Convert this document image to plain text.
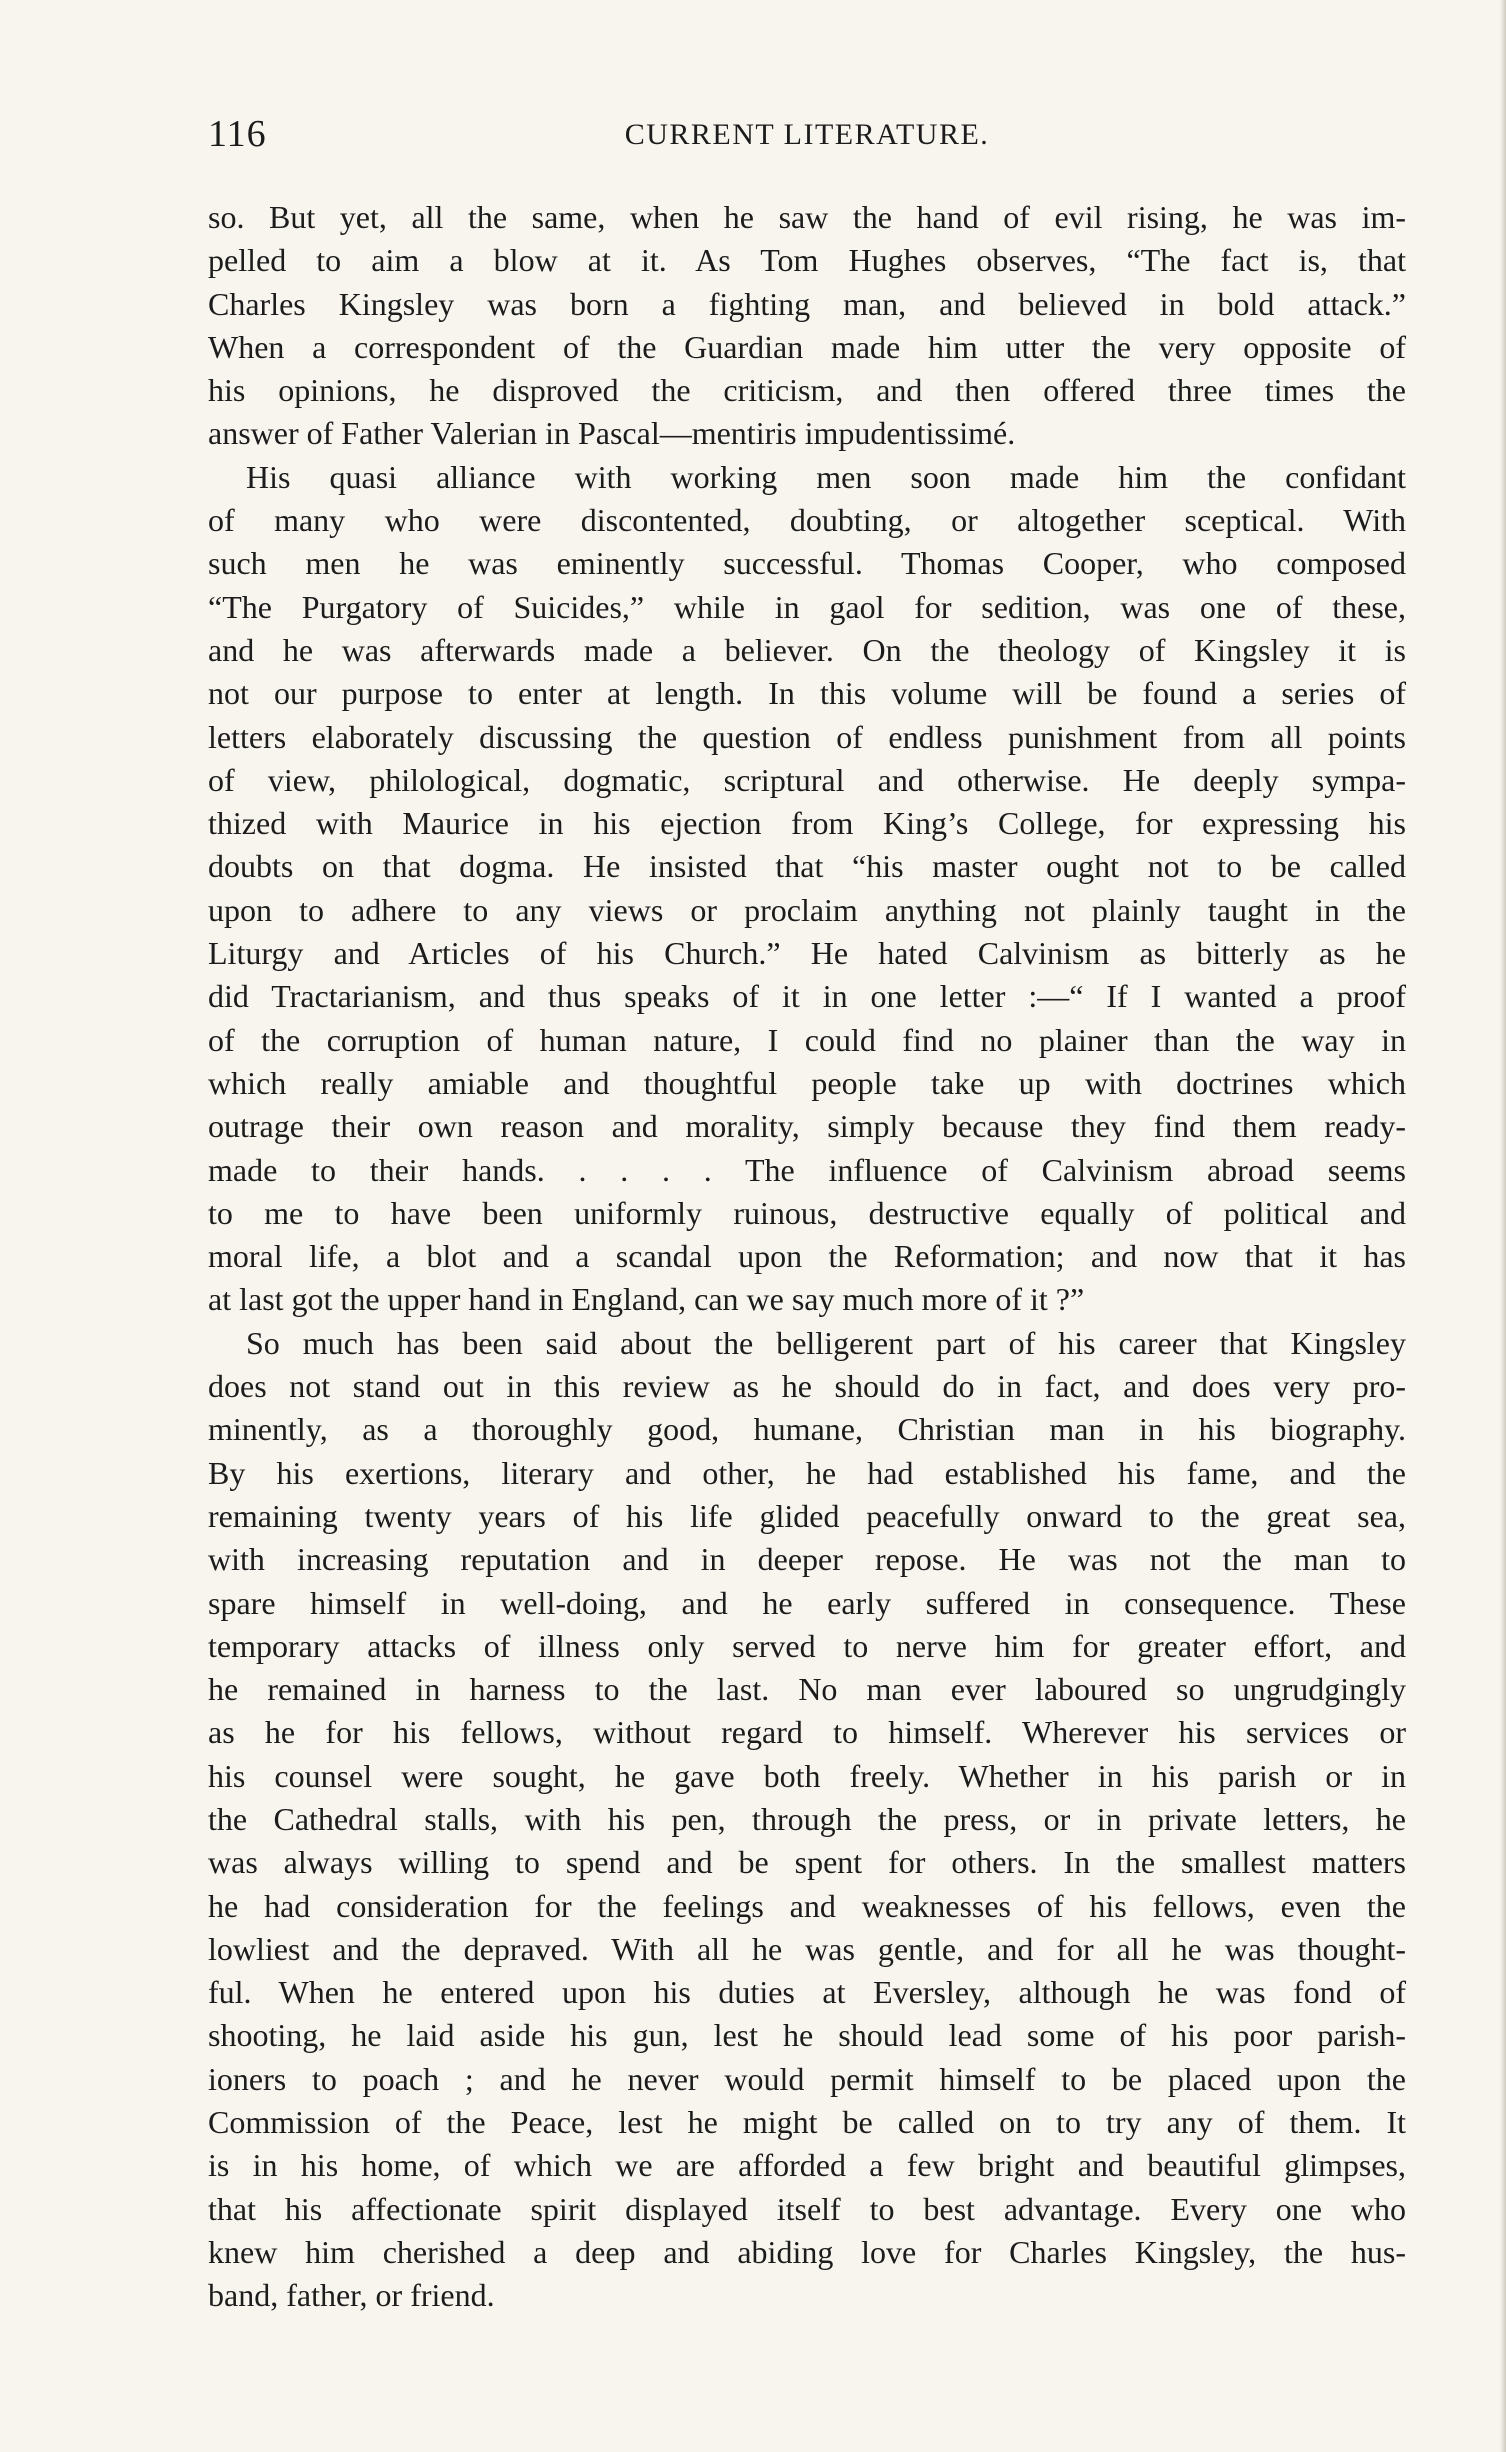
116	CURRENT LITERATURE.
so. But yet, all the same, when he saw the hand of evil rising, he was im-
pelled to aim a blow at it. As Tom Hughes observes, “The fact is, that
Charles Kingsley was born a fighting man, and believed in bold attack.”
When a correspondent of the Guardian made him utter the very opposite of
his opinions, he disproved the criticism, and then offered three times the
answer of Father Valerian in Pascal—mentiris impudentissimé.
His quasi alliance with working men soon made him the confidant
of many who were discontented, doubting, or altogether sceptical. With
such men he was eminently successful. Thomas Cooper, who composed
“The Purgatory of Suicides,” while in gaol for sedition, was one of these,
and he was afterwards made a believer. On the theology of Kingsley it is
not our purpose to enter at length. In this volume will be found a series of
letters elaborately discussing the question of endless punishment from all points
of view, philological, dogmatic, scriptural and otherwise. He deeply sympa-
thized with Maurice in his ejection from King’s College, for expressing his
doubts on that dogma. He insisted that “his master ought not to be called
upon to adhere to any views or proclaim anything not plainly taught in the
Liturgy and Articles of his Church.” He hated Calvinism as bitterly as he
did Tractarianism, and thus speaks of it in one letter :—“ If I wanted a proof
of the corruption of human nature, I could find no plainer than the way in
which really amiable and thoughtful people take up with doctrines which
outrage their own reason and morality, simply because they find them ready-
made to their hands. . . . . The influence of Calvinism abroad seems
to me to have been uniformly ruinous, destructive equally of political and
moral life, a blot and a scandal upon the Reformation; and now that it has
at last got the upper hand in England, can we say much more of it ?”
So much has been said about the belligerent part of his career that Kingsley
does not stand out in this review as he should do in fact, and does very pro-
minently, as a thoroughly good, humane, Christian man in his biography.
By his exertions, literary and other, he had established his fame, and the
remaining twenty years of his life glided peacefully onward to the great sea,
with increasing reputation and in deeper repose. He was not the man to
spare himself in well-doing, and he early suffered in consequence. These
temporary attacks of illness only served to nerve him for greater effort, and
he remained in harness to the last. No man ever laboured so ungrudgingly
as he for his fellows, without regard to himself. Wherever his services or
his counsel were sought, he gave both freely. Whether in his parish or in
the Cathedral stalls, with his pen, through the press, or in private letters, he
was always willing to spend and be spent for others. In the smallest matters
he had consideration for the feelings and weaknesses of his fellows, even the
lowliest and the depraved. With all he was gentle, and for all he was thought-
ful. When he entered upon his duties at Eversley, although he was fond of
shooting, he laid aside his gun, lest he should lead some of his poor parish-
ioners to poach ; and he never would permit himself to be placed upon the
Commission of the Peace, lest he might be called on to try any of them. It
is in his home, of which we are afforded a few bright and beautiful glimpses,
that his affectionate spirit displayed itself to best advantage. Every one who
knew him cherished a deep and abiding love for Charles Kingsley, the hus-
band, father, or friend.
